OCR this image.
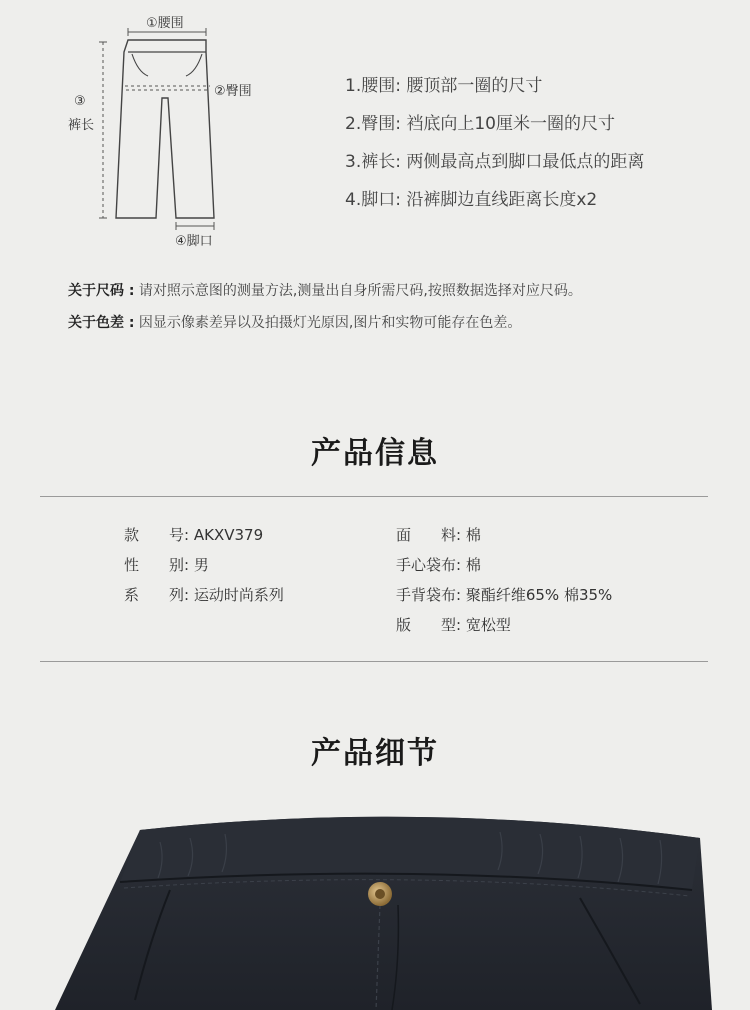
①腰围
②臀围
③
裤长
④脚口
1.腰围: 腰顶部一圈的尺寸
2.臀围: 裆底向上10厘米一圈的尺寸
3.裤长: 两侧最高点到脚口最低点的距离
4.脚口: 沿裤脚边直线距离长度x2
关于尺码 : 请对照示意图的测量方法,测量出自身所需尺码,按照数据选择对应尺码。
关于色差 : 因显示像素差异以及拍摄灯光原因,图片和实物可能存在色差。
产品信息
款　　号: AKXV379
性　　别: 男
系　　列: 运动时尚系列
面　　料: 棉
手心袋布: 棉
手背袋布: 聚酯纤维65% 棉35%
版　　型: 宽松型
产品细节
